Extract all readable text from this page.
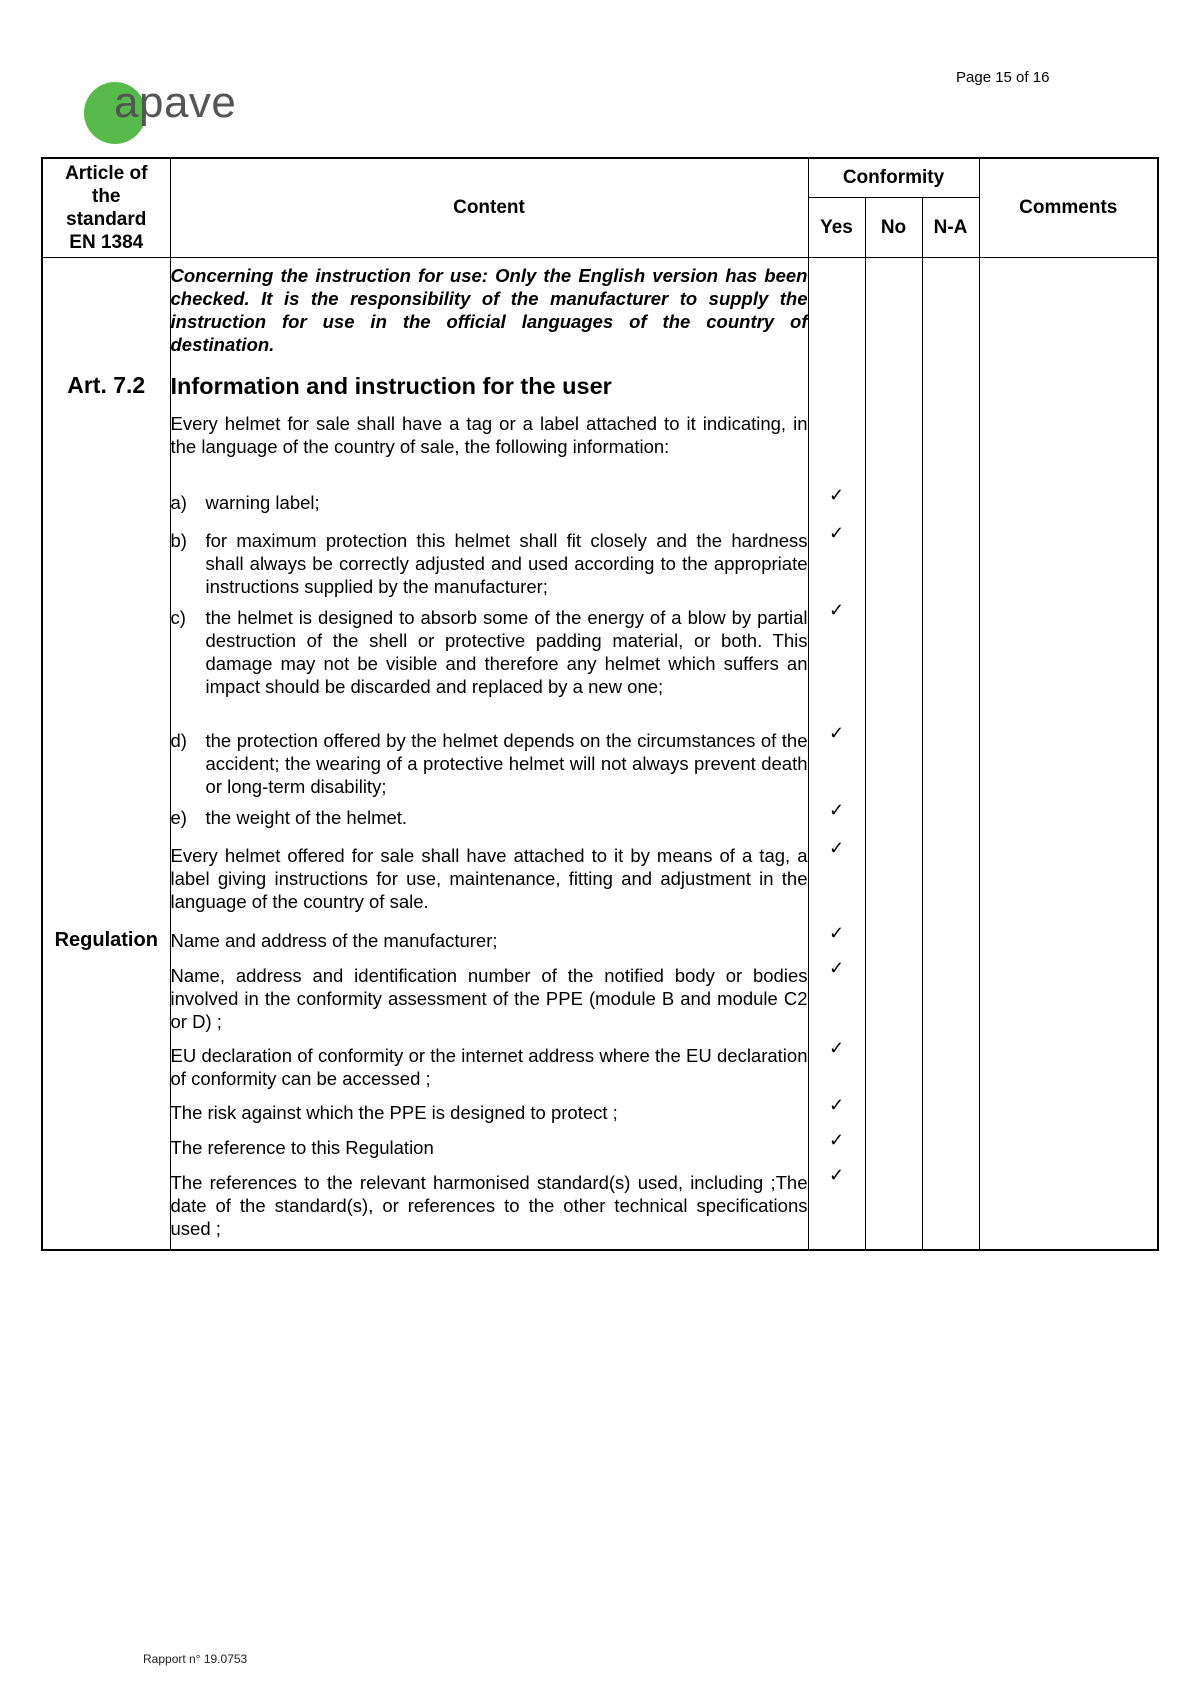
Page 15 of 16
apave
Article of
the
standard
EN 1384	Content	Conformity			Comments
		Yes	No	N-A	
	Concerning the instruction for use: Only the English version has been checked. It is the responsibility of the manufacturer to supply the instruction for use in the official languages of the country of destination.				
Art. 7.2	Information and instruction for the user				
	Every helmet for sale shall have a tag or a label attached to it indicating, in the language of the country of sale, the following information:				

	a) warning label;	✓			

	b) for maximum protection this helmet shall fit closely and the hardness shall always be correctly adjusted and used according to the appropriate instructions supplied by the manufacturer;	✓			

	c) the helmet is designed to absorb some of the energy of a blow by partial destruction of the shell or protective padding material, or both. This damage may not be visible and therefore any helmet which suffers an impact should be discarded and replaced by a new one;	✓			

	d) the protection offered by the helmet depends on the circumstances of the accident; the wearing of a protective helmet will not always prevent death or long-term disability;	✓			

	e) the weight of the helmet.	✓			
	Every helmet offered for sale shall have attached to it by means of a tag, a label giving instructions for use, maintenance, fitting and adjustment in the language of the country of sale.	✓			
Regulation	Name and address of the manufacturer;	✓			
	Name, address and identification number of the notified body or bodies involved in the conformity assessment of the PPE (module B and module C2 or D) ;	✓			
	EU declaration of conformity or the internet address where the EU declaration of conformity can be accessed ;	✓			
	The risk against which the PPE is designed to protect ;	✓			
	The reference to this Regulation	✓			
	The references to the relevant harmonised standard(s) used, including ;The date of the standard(s), or references to the other technical specifications used ;	✓			
Rapport n° 19.0753
